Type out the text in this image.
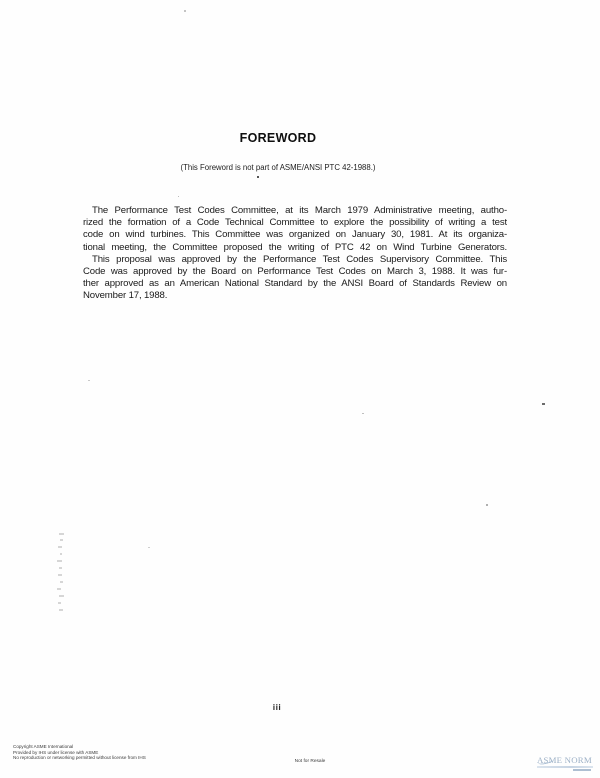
FOREWORD
(This Foreword is not part of ASME/ANSI PTC 42-1988.)
The Performance Test Codes Committee, at its March 1979 Administrative meeting, autho-
rized the formation of a Code Technical Committee to explore the possibility of writing a test
code on wind turbines. This Committee was organized on January 30, 1981. At its organiza-
tional meeting, the Committee proposed the writing of PTC 42 on Wind Turbine Generators.
This proposal was approved by the Performance Test Codes Supervisory Committee. This
Code was approved by the Board on Performance Test Codes on March 3, 1988. It was fur-
ther approved as an American National Standard by the ANSI Board of Standards Review on
November 17, 1988.
iii
Copyright ASME International
Provided by IHS under license with ASME
No reproduction or networking permitted without license from IHS
Not for Resale	ASME NORM
